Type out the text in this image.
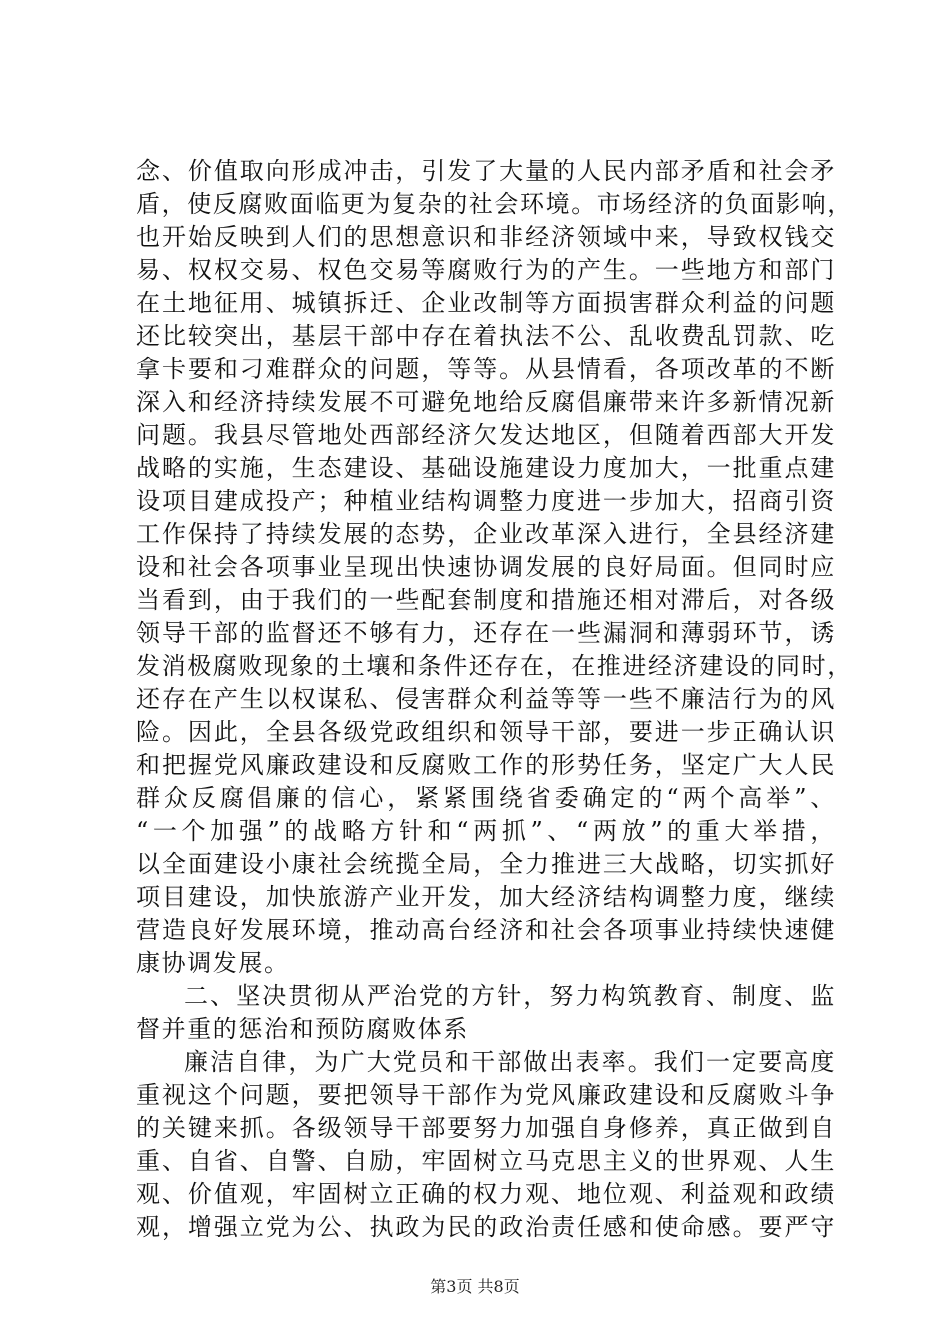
念、价值取向形成冲击，引发了大量的人民内部矛盾和社会矛
盾，使反腐败面临更为复杂的社会环境。市场经济的负面影响，
也开始反映到人们的思想意识和非经济领域中来，导致权钱交
易、权权交易、权色交易等腐败行为的产生。一些地方和部门
在土地征用、城镇拆迁、企业改制等方面损害群众利益的问题
还比较突出，基层干部中存在着执法不公、乱收费乱罚款、吃
拿卡要和刁难群众的问题，等等。从县情看，各项改革的不断
深入和经济持续发展不可避免地给反腐倡廉带来许多新情况新
问题。我县尽管地处西部经济欠发达地区，但随着西部大开发
战略的实施，生态建设、基础设施建设力度加大，一批重点建
设项目建成投产；种植业结构调整力度进一步加大，招商引资
工作保持了持续发展的态势，企业改革深入进行，全县经济建
设和社会各项事业呈现出快速协调发展的良好局面。但同时应
当看到，由于我们的一些配套制度和措施还相对滞后，对各级
领导干部的监督还不够有力，还存在一些漏洞和薄弱环节，诱
发消极腐败现象的土壤和条件还存在，在推进经济建设的同时，
还存在产生以权谋私、侵害群众利益等等一些不廉洁行为的风
险。因此，全县各级党政组织和领导干部，要进一步正确认识
和把握党风廉政建设和反腐败工作的形势任务，坚定广大人民
群众反腐倡廉的信心，紧紧围绕省委确定的“两个高举”、
“一个加强”的战略方针和“两抓”、“两放”的重大举措，
以全面建设小康社会统揽全局，全力推进三大战略，切实抓好
项目建设，加快旅游产业开发，加大经济结构调整力度，继续
营造良好发展环境，推动高台经济和社会各项事业持续快速健
康协调发展。
二、坚决贯彻从严治党的方针，努力构筑教育、制度、监
督并重的惩治和预防腐败体系
廉洁自律，为广大党员和干部做出表率。我们一定要高度
重视这个问题，要把领导干部作为党风廉政建设和反腐败斗争
的关键来抓。各级领导干部要努力加强自身修养，真正做到自
重、自省、自警、自励，牢固树立马克思主义的世界观、人生
观、价值观，牢固树立正确的权力观、地位观、利益观和政绩
观，增强立党为公、执政为民的政治责任感和使命感。要严守
第3页 共8页
